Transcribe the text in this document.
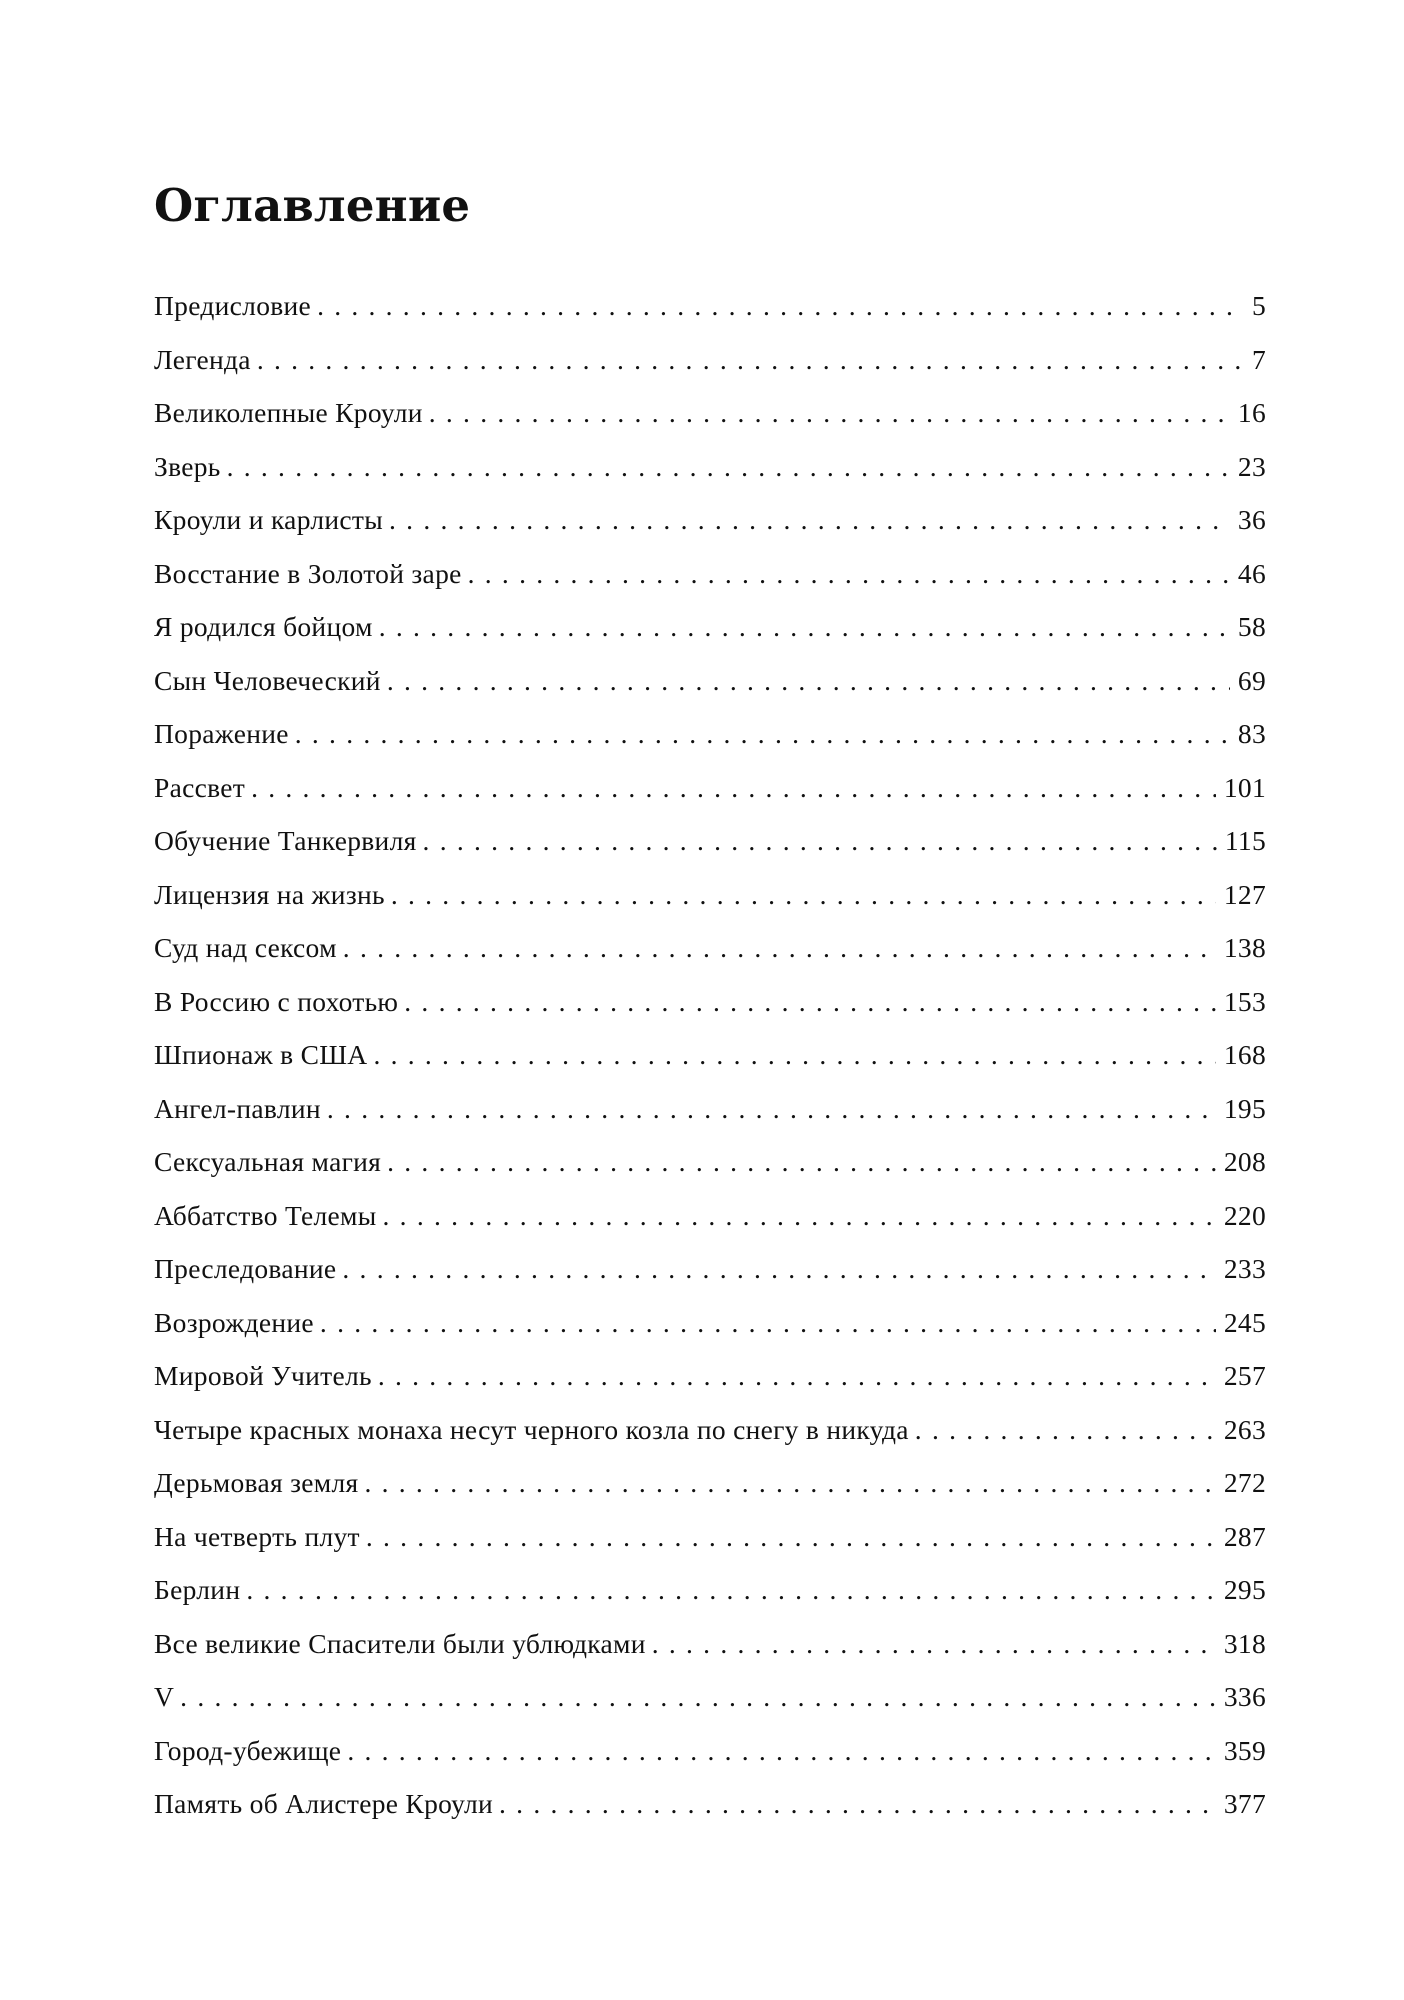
Оглавление
Предисловие . . .	5
Легенда . . .	7
Великолепные Кроули . . .	16
Зверь . . .	23
Кроули и карлисты . . .	36
Восстание в Золотой заре . . .	46
Я родился бойцом . . .	58
Сын Человеческий . . .	69
Поражение . . .	83
Рассвет . . .	101
Обучение Танкервиля . . .	115
Лицензия на жизнь . . .	127
Суд над сексом . . .	138
В Россию с похотью . . .	153
Шпионаж в США . . .	168
Ангел-павлин . . .	195
Сексуальная магия . . .	208
Аббатство Телемы . . .	220
Преследование . . .	233
Возрождение . . .	245
Мировой Учитель . . .	257
Четыре красных монаха несут черного козла по снегу в никуда . . .	263
Дерьмовая земля . . .	272
На четверть плут . . .	287
Берлин . . .	295
Все великие Спасители были ублюдками . . .	318
V . . .	336
Город-убежище . . .	359
Память об Алистере Кроули . . .	377
